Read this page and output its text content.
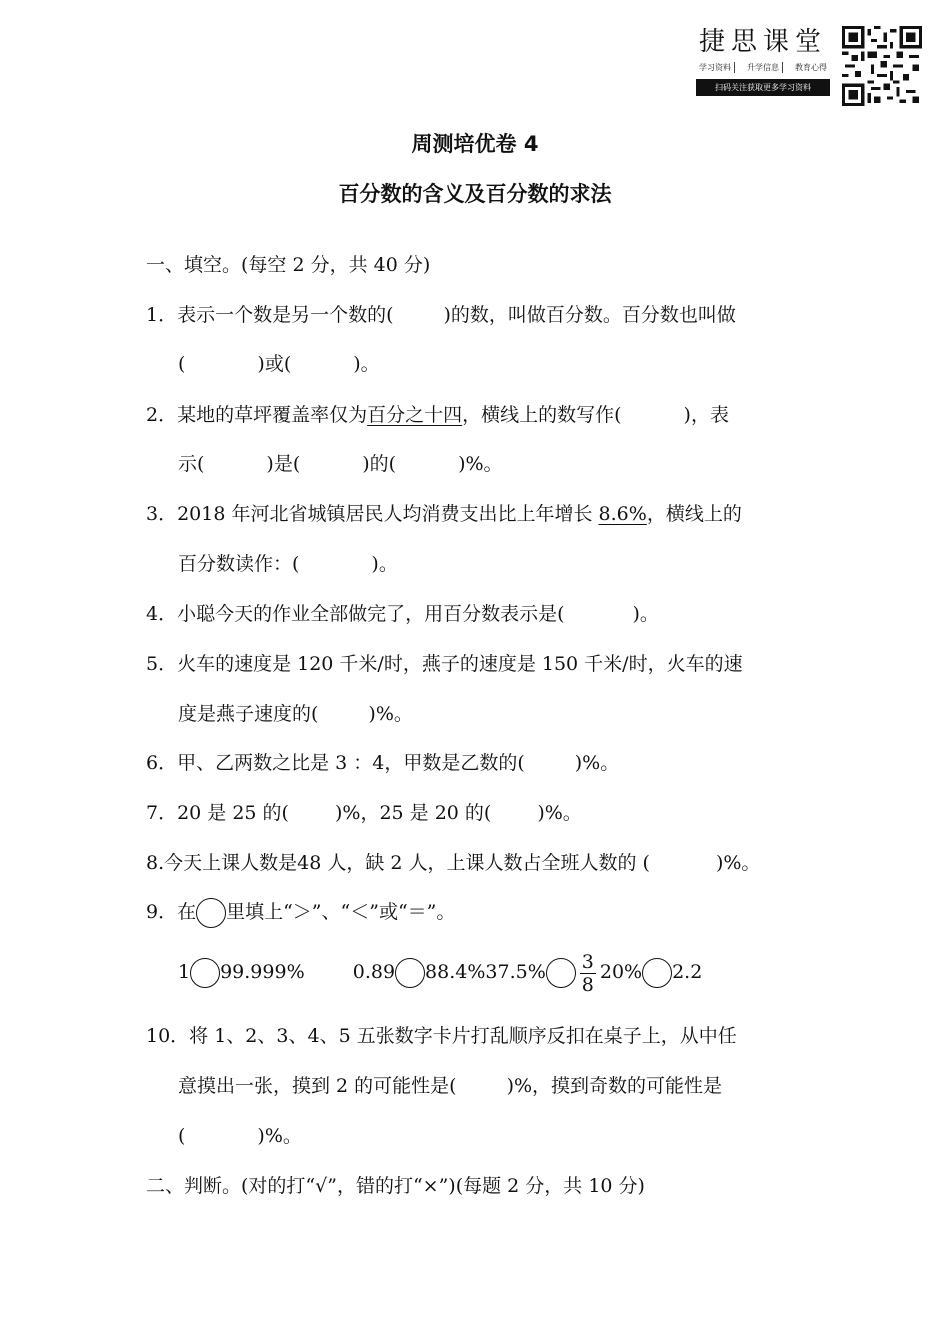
捷思课堂
学习资料	升学信息	教育心得
扫码关注获取更多学习资料
周测培优卷 4
百分数的含义及百分数的求法
一、填空。(每空 2 分，共 40 分)
1．表示一个数是另一个数的(	)的数，叫做百分数。百分数也叫做
(	)或(	)。
2．某地的草坪覆盖率仅为百分之十四，横线上的数写作(	)，表
示(	)是(	)的(	)%。
3．2018 年河北省城镇居民人均消费支出比上年增长 8.6%，横线上的
百分数读作：(	)。
4．小聪今天的作业全部做完了，用百分数表示是(	)。
5．火车的速度是 120 千米/时，燕子的速度是 150 千米/时，火车的速
度是燕子速度的(	)%。
6．甲、乙两数之比是 3 ：4，甲数是乙数的(	)%。
7．20 是 25 的( )%，25 是 20 的( )%。
8.今天上课人数是48 人，缺 2 人，上课人数占全班人数的 (	)%。
9．在 里填上“＞”、“＜”或“＝”。
1 99.999%	0.89 $88.4\%37.5\% \frac{3}{8} 20\%$ 2.2
10．将 1、2、3、4、5 五张数字卡片打乱顺序反扣在桌子上，从中任
意摸出一张，摸到 2 的可能性是(	)%，摸到奇数的可能性是
(	)%。
二、判断。(对的打“√”，错的打“×”)(每题 2 分，共 10 分)
